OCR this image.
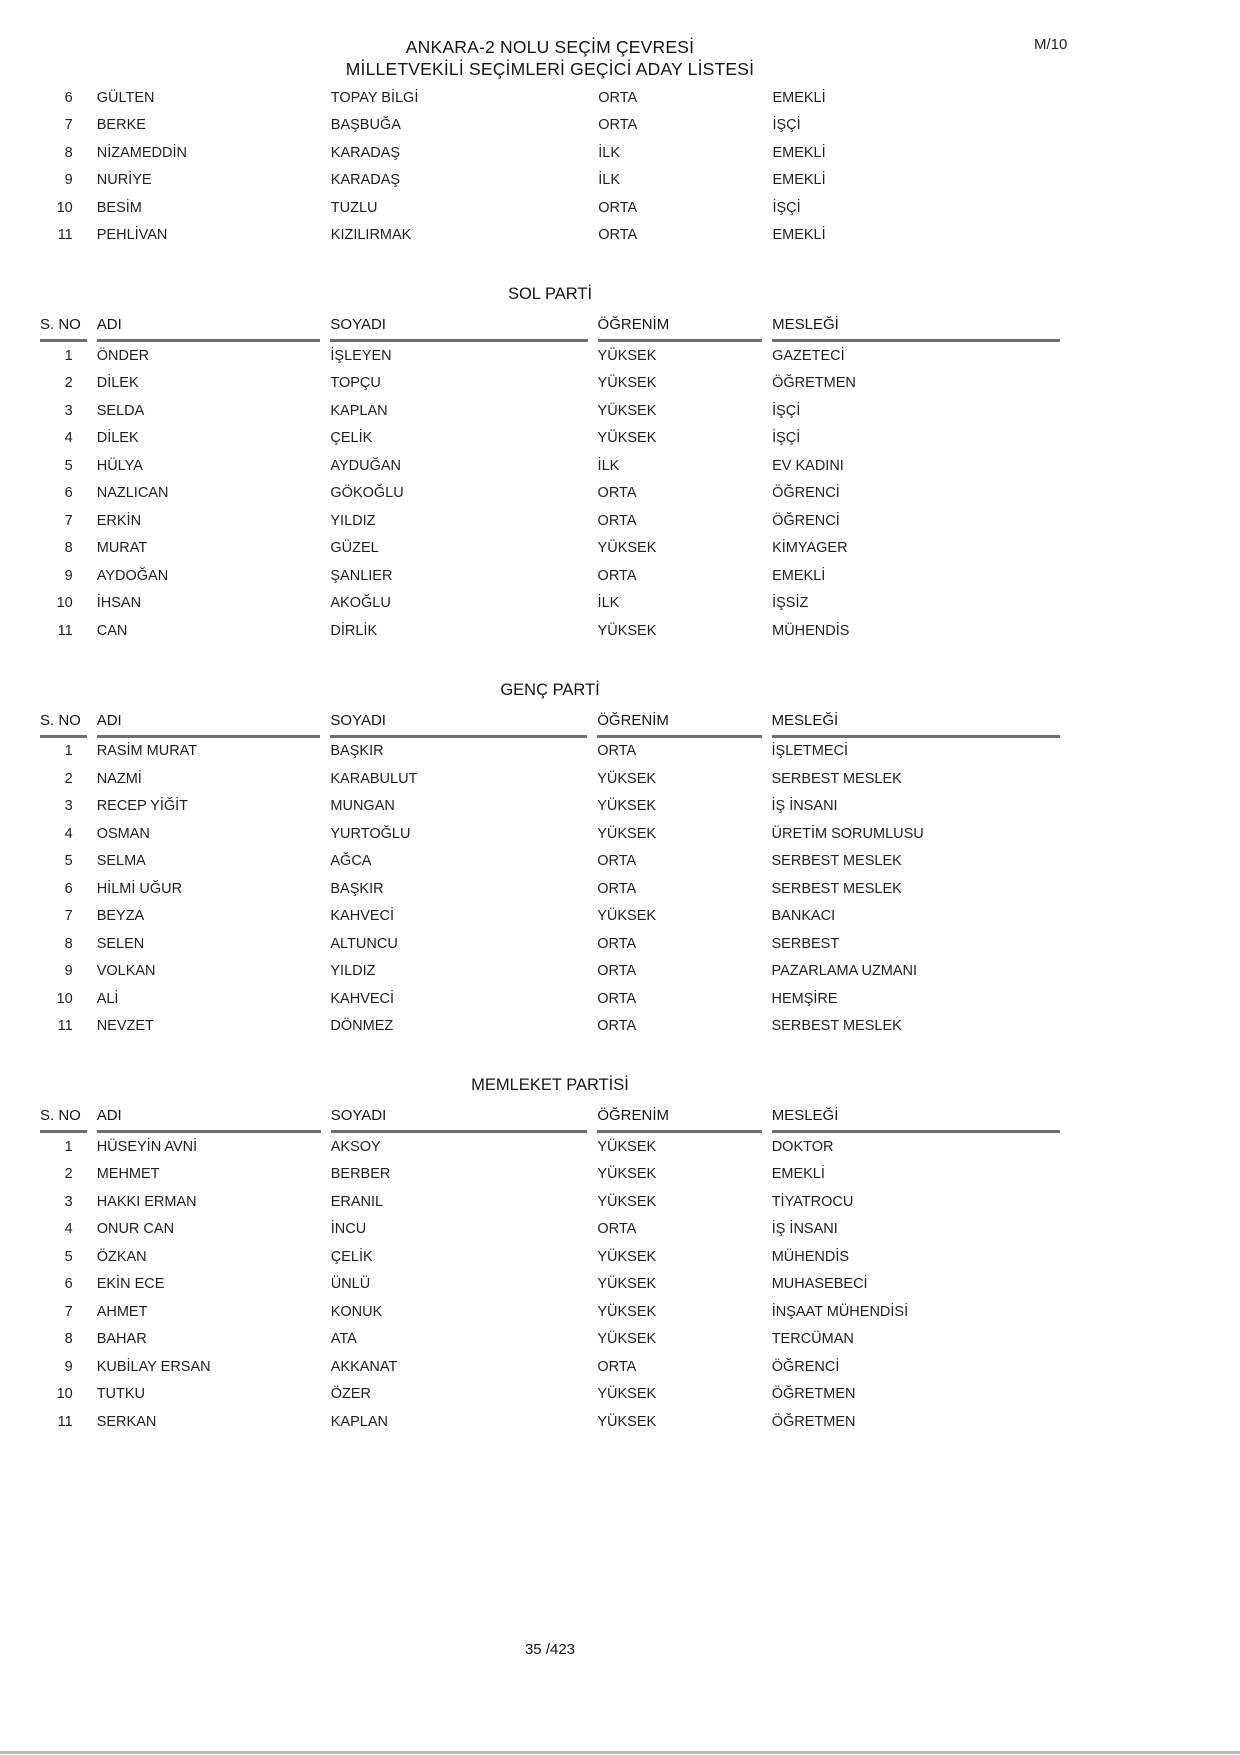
M/10
ANKARA-2 NOLU SEÇİM ÇEVRESİ
MİLLETVEKİLİ SEÇİMLERİ GEÇİCİ ADAY LİSTESİ
6	GÜLTEN	TOPAY BİLGİ	ORTA	EMEKLİ
7	BERKE	BAŞBUĞA	ORTA	İŞÇİ
8	NİZAMEDDİN	KARADAŞ	İLK	EMEKLİ
9	NURİYE	KARADAŞ	İLK	EMEKLİ
10	BESİM	TUZLU	ORTA	İŞÇİ
11	PEHLİVAN	KIZILIRMAK	ORTA	EMEKLİ
SOL PARTİ
S. NO	ADI	SOYADI	ÖĞRENİM	MESLEĞİ
1	ÖNDER	İŞLEYEN	YÜKSEK	GAZETECİ
2	DİLEK	TOPÇU	YÜKSEK	ÖĞRETMEN
3	SELDA	KAPLAN	YÜKSEK	İŞÇİ
4	DİLEK	ÇELİK	YÜKSEK	İŞÇİ
5	HÜLYA	AYDUĞAN	İLK	EV KADINI
6	NAZLICAN	GÖKOĞLU	ORTA	ÖĞRENCİ
7	ERKİN	YILDIZ	ORTA	ÖĞRENCİ
8	MURAT	GÜZEL	YÜKSEK	KİMYAGER
9	AYDOĞAN	ŞANLIER	ORTA	EMEKLİ
10	İHSAN	AKOĞLU	İLK	İŞSİZ
11	CAN	DİRLİK	YÜKSEK	MÜHENDİS
GENÇ PARTİ
S. NO	ADI	SOYADI	ÖĞRENİM	MESLEĞİ
1	RASİM MURAT	BAŞKIR	ORTA	İŞLETMECİ
2	NAZMİ	KARABULUT	YÜKSEK	SERBEST MESLEK
3	RECEP YİĞİT	MUNGAN	YÜKSEK	İŞ İNSANI
4	OSMAN	YURTOĞLU	YÜKSEK	ÜRETİM SORUMLUSU
5	SELMA	AĞCA	ORTA	SERBEST MESLEK
6	HİLMİ UĞUR	BAŞKIR	ORTA	SERBEST MESLEK
7	BEYZA	KAHVECİ	YÜKSEK	BANKACI
8	SELEN	ALTUNCU	ORTA	SERBEST
9	VOLKAN	YILDIZ	ORTA	PAZARLAMA UZMANI
10	ALİ	KAHVECİ	ORTA	HEMŞİRE
11	NEVZET	DÖNMEZ	ORTA	SERBEST MESLEK
MEMLEKET PARTİSİ
S. NO	ADI	SOYADI	ÖĞRENİM	MESLEĞİ
1	HÜSEYİN AVNİ	AKSOY	YÜKSEK	DOKTOR
2	MEHMET	BERBER	YÜKSEK	EMEKLİ
3	HAKKI ERMAN	ERANIL	YÜKSEK	TİYATROCU
4	ONUR CAN	İNCU	ORTA	İŞ İNSANI
5	ÖZKAN	ÇELİK	YÜKSEK	MÜHENDİS
6	EKİN ECE	ÜNLÜ	YÜKSEK	MUHASEBECİ
7	AHMET	KONUK	YÜKSEK	İNŞAAT MÜHENDİSİ
8	BAHAR	ATA	YÜKSEK	TERCÜMAN
9	KUBİLAY ERSAN	AKKANAT	ORTA	ÖĞRENCİ
10	TUTKU	ÖZER	YÜKSEK	ÖĞRETMEN
11	SERKAN	KAPLAN	YÜKSEK	ÖĞRETMEN
35 /423
